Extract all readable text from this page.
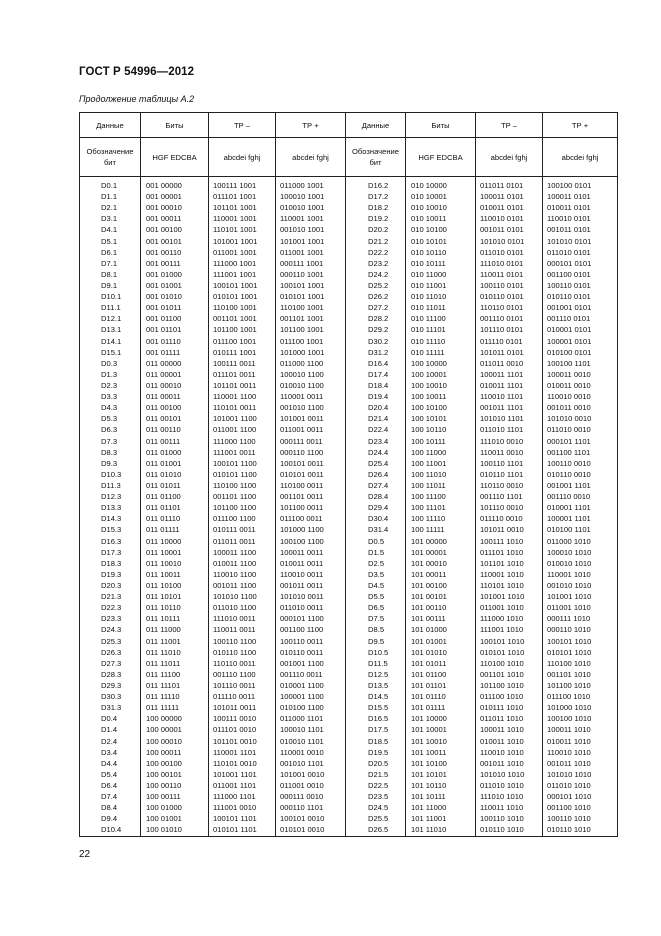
ГОСТ Р 54996—2012
Продолжение таблицы А.2
Данные	Биты	ТР –	ТР +	Данные	Биты	ТР –	ТР +
Обозначение бит	HGF EDCBA	abcdei fghj	abcdei fghj	Обозначение бит	HGF EDCBA	abcdei fghj	abcdei fghj
D0.1	001 00000	100111 1001	011000 1001	D16.2	010 10000	011011 0101	100100 0101
D1.1	001 00001	011101 1001	100010 1001	D17.2	010 10001	100011 0101	100011 0101
D2.1	001 00010	101101 1001	010010 1001	D18.2	010 10010	010011 0101	010011 0101
D3.1	001 00011	110001 1001	110001 1001	D19.2	010 10011	110010 0101	110010 0101
D4.1	001 00100	110101 1001	001010 1001	D20.2	010 10100	001011 0101	001011 0101
D5.1	001 00101	101001 1001	101001 1001	D21.2	010 10101	101010 0101	101010 0101
D6.1	001 00110	011001 1001	011001 1001	D22.2	010 10110	011010 0101	011010 0101
D7.1	001 00111	111000 1001	000111 1001	D23.2	010 10111	111010 0101	000101 0101
D8.1	001 01000	111001 1001	000110 1001	D24.2	010 11000	110011 0101	001100 0101
D9.1	001 01001	100101 1001	100101 1001	D25.2	010 11001	100110 0101	100110 0101
D10.1	001 01010	010101 1001	010101 1001	D26.2	010 11010	010110 0101	010110 0101
D11.1	001 01011	110100 1001	110100 1001	D27.2	010 11011	110110 0101	001001 0101
D12.1	001 01100	001101 1001	001101 1001	D28.2	010 11100	001110 0101	001110 0101
D13.1	001 01101	101100 1001	101100 1001	D29.2	010 11101	101110 0101	010001 0101
D14.1	001 01110	011100 1001	011100 1001	D30.2	010 11110	011110 0101	100001 0101
D15.1	001 01111	010111 1001	101000 1001	D31.2	010 11111	101011 0101	010100 0101
D0.3	011 00000	100111 0011	011000 1100	D16.4	100 10000	011011 0010	100100 1101
D1.3	011 00001	011101 0011	100010 1100	D17.4	100 10001	100011 1101	100011 0010
D2.3	011 00010	101101 0011	010010 1100	D18.4	100 10010	010011 1101	010011 0010
D3.3	011 00011	110001 1100	110001 0011	D19.4	100 10011	110010 1101	110010 0010
D4.3	011 00100	110101 0011	001010 1100	D20.4	100 10100	001011 1101	001011 0010
D5.3	011 00101	101001 1100	101001 0011	D21.4	100 10101	101010 1101	101010 0010
D6.3	011 00110	011001 1100	011001 0011	D22.4	100 10110	011010 1101	011010 0010
D7.3	011 00111	111000 1100	000111 0011	D23.4	100 10111	111010 0010	000101 1101
D8.3	011 01000	111001 0011	000110 1100	D24.4	100 11000	110011 0010	001100 1101
D9.3	011 01001	100101 1100	100101 0011	D25.4	100 11001	100110 1101	100110 0010
D10.3	011 01010	010101 1100	010101 0011	D26.4	100 11010	010110 1101	010110 0010
D11.3	011 01011	110100 1100	110100 0011	D27.4	100 11011	110110 0010	001001 1101
D12.3	011 01100	001101 1100	001101 0011	D28.4	100 11100	001110 1101	001110 0010
D13.3	011 01101	101100 1100	101100 0011	D29.4	100 11101	101110 0010	010001 1101
D14.3	011 01110	011100 1100	011100 0011	D30.4	100 11110	011110 0010	100001 1101
D15.3	011 01111	010111 0011	101000 1100	D31.4	100 11111	101011 0010	010100 1101
D16.3	011 10000	011011 0011	100100 1100	D0.5	101 00000	100111 1010	011000 1010
D17.3	011 10001	100011 1100	100011 0011	D1.5	101 00001	011101 1010	100010 1010
D18.3	011 10010	010011 1100	010011 0011	D2.5	101 00010	101101 1010	010010 1010
D19.3	011 10011	110010 1100	110010 0011	D3.5	101 00011	110001 1010	110001 1010
D20.3	011 10100	001011 1100	001011 0011	D4.5	101 00100	110101 1010	001010 1010
D21.3	011 10101	101010 1100	101010 0011	D5.5	101 00101	101001 1010	101001 1010
D22.3	011 10110	011010 1100	011010 0011	D6.5	101 00110	011001 1010	011001 1010
D23.3	011 10111	111010 0011	000101 1100	D7.5	101 00111	111000 1010	000111 1010
D24.3	011 11000	110011 0011	001100 1100	D8.5	101 01000	111001 1010	000110 1010
D25.3	011 11001	100110 1100	100110 0011	D9.5	101 01001	100101 1010	100101 1010
D26.3	011 11010	010110 1100	010110 0011	D10.5	101 01010	010101 1010	010101 1010
D27.3	011 11011	110110 0011	001001 1100	D11.5	101 01011	110100 1010	110100 1010
D28.3	011 11100	001110 1100	001110 0011	D12.5	101 01100	001101 1010	001101 1010
D29.3	011 11101	101110 0011	010001 1100	D13.5	101 01101	101100 1010	101100 1010
D30.3	011 11110	011110 0011	100001 1100	D14.5	101 01110	011100 1010	011100 1010
D31.3	011 11111	101011 0011	010100 1100	D15.5	101 01111	010111 1010	101000 1010
D0.4	100 00000	100111 0010	011000 1101	D16.5	101 10000	011011 1010	100100 1010
D1.4	100 00001	011101 0010	100010 1101	D17.5	101 10001	100011 1010	100011 1010
D2.4	100 00010	101101 0010	010010 1101	D18.5	101 10010	010011 1010	010011 1010
D3.4	100 00011	110001 1101	110001 0010	D19.5	101 10011	110010 1010	110010 1010
D4.4	100 00100	110101 0010	001010 1101	D20.5	101 10100	001011 1010	001011 1010
D5.4	100 00101	101001 1101	101001 0010	D21.5	101 10101	101010 1010	101010 1010
D6.4	100 00110	011001 1101	011001 0010	D22.5	101 10110	011010 1010	011010 1010
D7.4	100 00111	111000 1101	000111 0010	D23.5	101 10111	111010 1010	000101 1010
D8.4	100 01000	111001 0010	000110 1101	D24.5	101 11000	110011 1010	001100 1010
D9.4	100 01001	100101 1101	100101 0010	D25.5	101 11001	100110 1010	100110 1010
D10.4	100 01010	010101 1101	010101 0010	D26.5	101 11010	010110 1010	010110 1010
22
